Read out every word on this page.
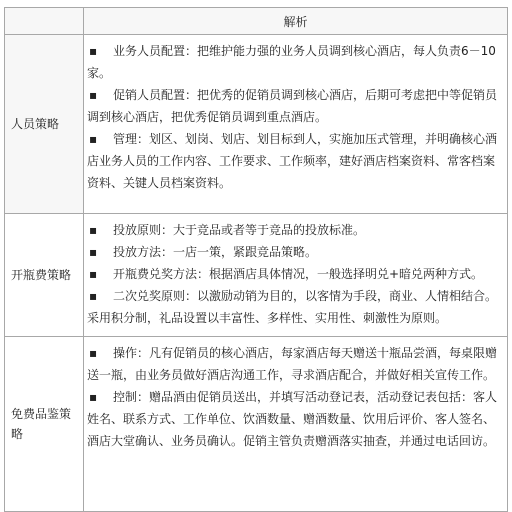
	解析
人员策略	▪ 业务人员配置：把维护能力强的业务人员调到核心酒店，每人负责6－10家。

▪ 促销人员配置：把优秀的促销员调到核心酒店，后期可考虑把中等促销员调到核心酒店，把优秀促销员调到重点酒店。

▪ 管理：划区、划岗、划店、划目标到人，实施加压式管理，并明确核心酒店业务人员的工作内容、工作要求、工作频率，建好酒店档案资料、常客档案资料、关键人员档案资料。

开瓶费策略	▪ 投放原则：大于竞品或者等于竞品的投放标准。

▪ 投放方法：一店一策，紧跟竞品策略。

▪ 开瓶费兑奖方法：根据酒店具体情况，一般选择明兑+暗兑两种方式。

▪ 二次兑奖原则：以激励动销为目的，以客情为手段，商业、人情相结合。采用积分制，礼品设置以丰富性、多样性、实用性、刺激性为原则。

免费品鉴策略	▪ 操作：凡有促销员的核心酒店，每家酒店每天赠送十瓶品尝酒，每桌限赠送一瓶，由业务员做好酒店沟通工作，寻求酒店配合，并做好相关宣传工作。

▪ 控制：赠品酒由促销员送出，并填写活动登记表，活动登记表包括：客人姓名、联系方式、工作单位、饮酒数量、赠酒数量、饮用后评价、客人签名、酒店大堂确认、业务员确认。促销主管负责赠酒落实抽查，并通过电话回访。
